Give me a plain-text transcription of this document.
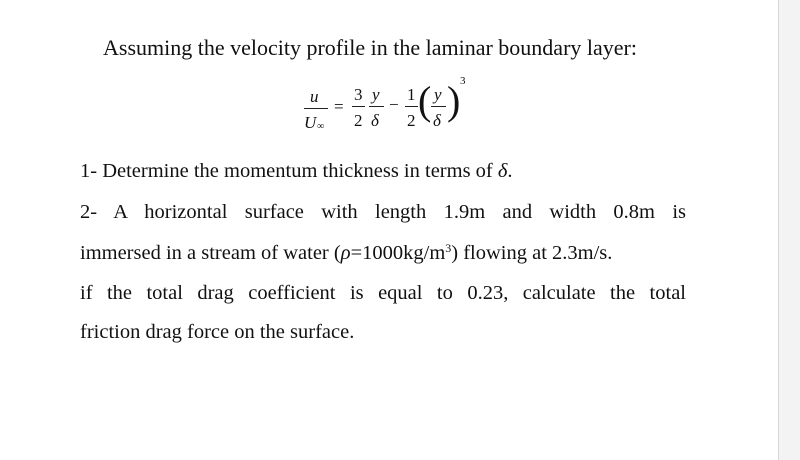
Assuming the velocity profile in the laminar boundary layer:
u
U ∞
=
3
2
y
δ
−
1
2 ( y
δ ) 3
1- Determine the momentum thickness in terms of δ.
2- A horizontal surface with length 1.9m and width 0.8m is
immersed in a stream of water $(\rho=1000kg/m^3)$ flowing at 2.3m/s.
if the total drag coefficient is equal to 0.23, calculate the total
friction drag force on the surface.
